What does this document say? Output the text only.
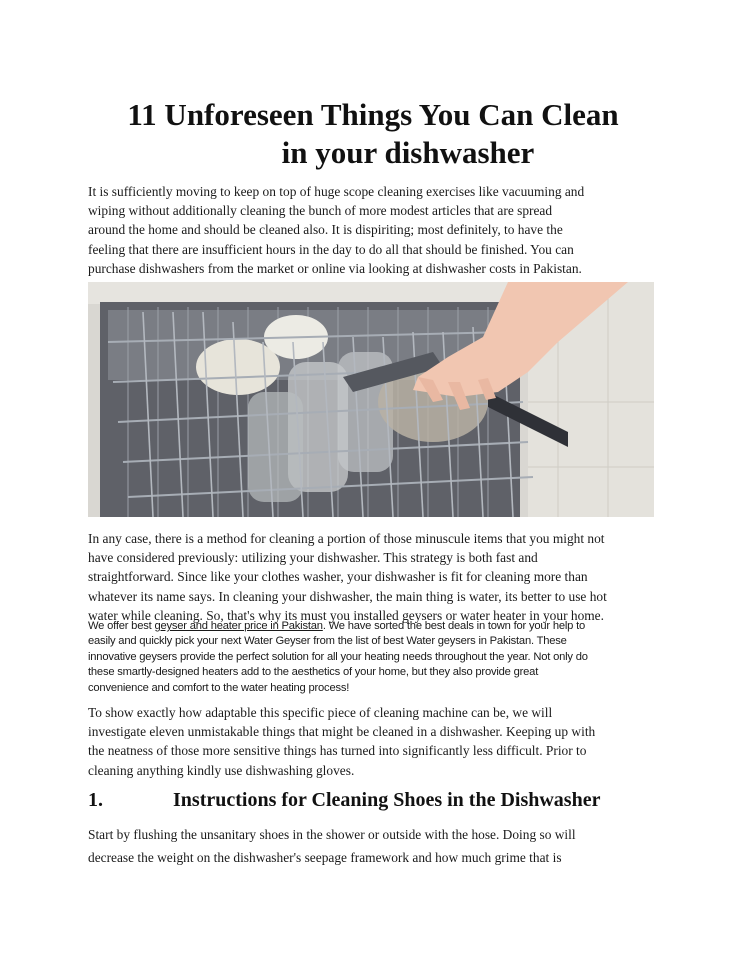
11 Unforeseen Things You Can Clean
in your dishwasher
It is sufficiently moving to keep on top of huge scope cleaning exercises like vacuuming and
wiping without additionally cleaning the bunch of more modest articles that are spread
around the home and should be cleaned also. It is dispiriting; most definitely, to have the
feeling that there are insufficient hours in the day to do all that should be finished. You can
purchase dishwashers from the market or online via looking at dishwasher costs in Pakistan.
In any case, there is a method for cleaning a portion of those minuscule items that you might not
have considered previously: utilizing your dishwasher. This strategy is both fast and
straightforward. Since like your clothes washer, your dishwasher is fit for cleaning more than
whatever its name says. In cleaning your dishwasher, the main thing is water, its better to use hot
water while cleaning. So, that's why its must you installed geysers or water heater in your home.
We offer best geyser and heater price in Pakistan. We have sorted the best deals in town for your help to
easily and quickly pick your next Water Geyser from the list of best Water geysers in Pakistan. These
innovative geysers provide the perfect solution for all your heating needs throughout the year. Not only do
these smartly-designed heaters add to the aesthetics of your home, but they also provide great
convenience and comfort to the water heating process!
To show exactly how adaptable this specific piece of cleaning machine can be, we will
investigate eleven unmistakable things that might be cleaned in a dishwasher. Keeping up with
the neatness of those more sensitive things has turned into significantly less difficult. Prior to
cleaning anything kindly use dishwashing gloves.
1.	Instructions for Cleaning Shoes in the Dishwasher
Start by flushing the unsanitary shoes in the shower or outside with the hose. Doing so will
decrease the weight on the dishwasher's seepage framework and how much grime that is
